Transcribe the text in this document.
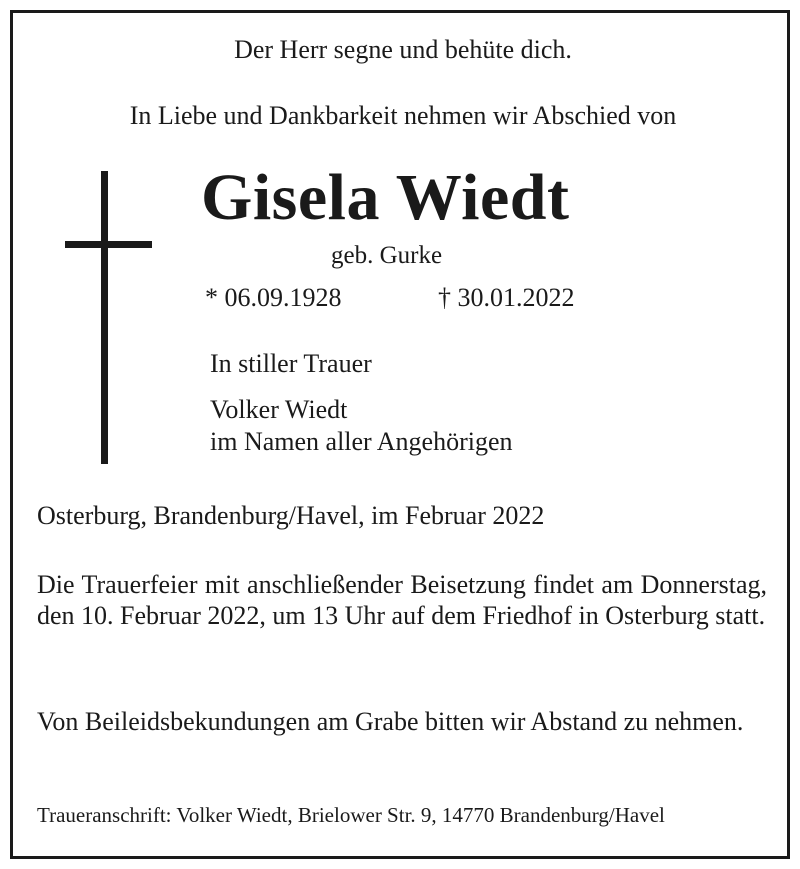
Der Herr segne und behüte dich.
In Liebe und Dankbarkeit nehmen wir Abschied von
Gisela Wiedt
geb. Gurke
* 06.09.1928	† 30.01.2022
In stiller Trauer
Volker Wiedt
im Namen aller Angehörigen
Osterburg, Brandenburg/Havel, im Februar 2022
Die Trauerfeier mit anschließender Beisetzung findet am Donnerstag, den 10. Februar 2022, um 13 Uhr auf dem Friedhof in Osterburg statt.
Von Beileidsbekundungen am Grabe bitten wir Abstand zu nehmen.
Traueranschrift: Volker Wiedt, Brielower Str. 9, 14770 Brandenburg/Havel
